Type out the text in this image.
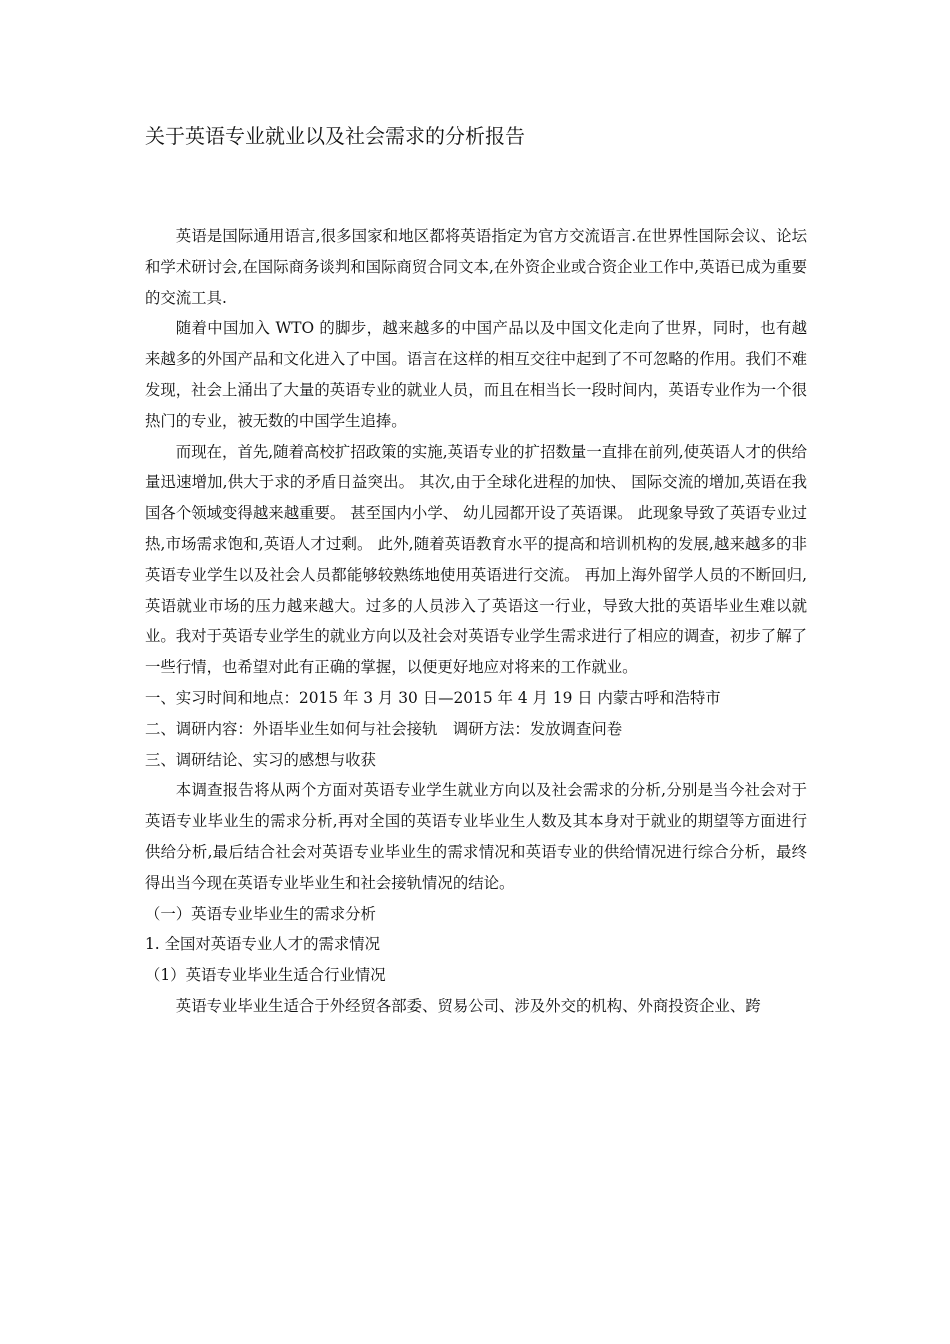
关于英语专业就业以及社会需求的分析报告

英语是国际通用语言,很多国家和地区都将英语指定为官方交流语言.在世界性国际会议、论坛和学术研讨会,在国际商务谈判和国际商贸合同文本,在外资企业或合资企业工作中,英语已成为重要的交流工具.

随着中国加入 WTO 的脚步，越来越多的中国产品以及中国文化走向了世界，同时，也有越来越多的外国产品和文化进入了中国。语言在这样的相互交往中起到了不可忽略的作用。我们不难发现，社会上涌出了大量的英语专业的就业人员，而且在相当长一段时间内，英语专业作为一个很热门的专业，被无数的中国学生追捧。

而现在，首先,随着高校扩招政策的实施,英语专业的扩招数量一直排在前列,使英语人才的供给量迅速增加,供大于求的矛盾日益突出。 其次,由于全球化进程的加快、 国际交流的增加,英语在我国各个领域变得越来越重要。 甚至国内小学、 幼儿园都开设了英语课。 此现象导致了英语专业过热,市场需求饱和,英语人才过剩。 此外,随着英语教育水平的提高和培训机构的发展,越来越多的非英语专业学生以及社会人员都能够较熟练地使用英语进行交流。 再加上海外留学人员的不断回归,英语就业市场的压力越来越大。过多的人员涉入了英语这一行业，导致大批的英语毕业生难以就业。我对于英语专业学生的就业方向以及社会对英语专业学生需求进行了相应的调查，初步了解了一些行情，也希望对此有正确的掌握，以便更好地应对将来的工作就业。

一、实习时间和地点：2015 年 3 月 30 日—2015 年 4 月 19 日 内蒙古呼和浩特市

二、调研内容：外语毕业生如何与社会接轨　调研方法：发放调查问卷

三、调研结论、实习的感想与收获

本调查报告将从两个方面对英语专业学生就业方向以及社会需求的分析,分别是当今社会对于英语专业毕业生的需求分析,再对全国的英语专业毕业生人数及其本身对于就业的期望等方面进行供给分析,最后结合社会对英语专业毕业生的需求情况和英语专业的供给情况进行综合分析，最终得出当今现在英语专业毕业生和社会接轨情况的结论。

（一）英语专业毕业生的需求分析

1. 全国对英语专业人才的需求情况

（1）英语专业毕业生适合行业情况

英语专业毕业生适合于外经贸各部委、贸易公司、涉及外交的机构、外商投资企业、跨
